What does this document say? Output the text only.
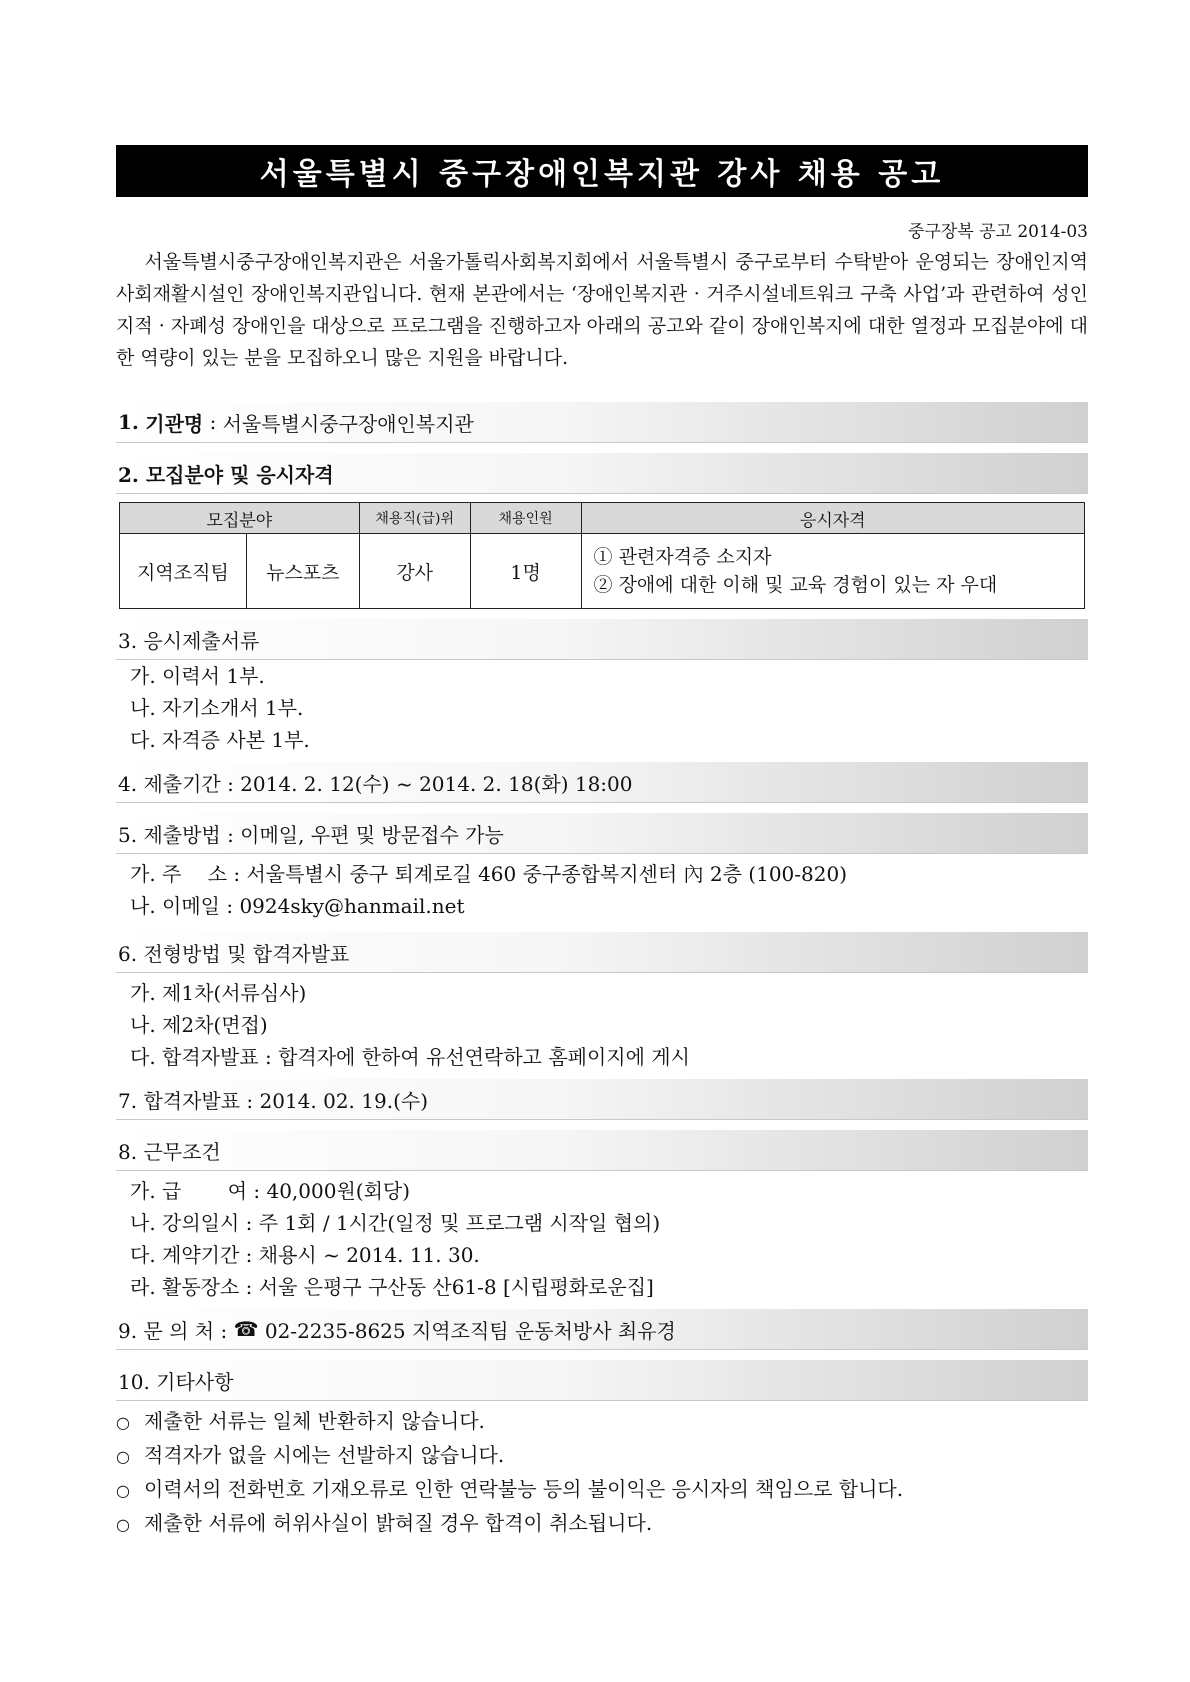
서울특별시 중구장애인복지관 강사 채용 공고
중구장복 공고 2014-03
  서울특별시중구장애인복지관은 서울가톨릭사회복지회에서 서울특별시 중구로부터 수탁받아 운영되는 장애인지역사회재활시설인 장애인복지관입니다. 현재 본관에서는 ‘장애인복지관 · 거주시설네트워크 구축 사업’과 관련하여 성인 지적 · 자폐성 장애인을 대상으로 프로그램을 진행하고자 아래의 공고와 같이 장애인복지에 대한 열정과 모집분야에 대한 역량이 있는 분을 모집하오니 많은 지원을 바랍니다.
1.
기관명 : 서울특별시중구장애인복지관
2. 모집분야 및 응시자격
모집분야		채용직(급)위	채용인원	응시자격
지역조직팀	뉴스포츠	강사	1명	① 관련자격증 소지자
② 장애에 대한 이해 및 교육 경험이 있는 자 우대
3. 응시제출서류
가. 이력서 1부.
나. 자기소개서 1부.
다. 자격증 사본 1부.
4. 제출기간 : 2014. 2. 12(수) ~ 2014. 2. 18(화) 18:00
5. 제출방법 : 이메일, 우편 및 방문접수 가능
가. 주　 소 : 서울특별시 중구 퇴계로길 460 중구종합복지센터 內 2층 (100-820)
나. 이메일 : 0924sky@hanmail.net
6. 전형방법 및 합격자발표
가. 제1차(서류심사)
나. 제2차(면접)
다. 합격자발표 : 합격자에 한하여 유선연락하고 홈페이지에 게시
7. 합격자발표 : 2014. 02. 19.(수)
8. 근무조건
가. 급　　 여 : 40,000원(회당)
나. 강의일시 : 주 1회 / 1시간(일정 및 프로그램 시작일 협의)
다. 계약기간 : 채용시 ~ 2014. 11. 30.
라. 활동장소 : 서울 은평구 구산동 산61-8 [시립평화로운집]
9. 문 의 처 : ☎
02-2235-8625 지역조직팀 운동처방사 최유경
10. 기타사항
○ 제출한 서류는 일체 반환하지 않습니다.
○ 적격자가 없을 시에는 선발하지 않습니다.
○ 이력서의 전화번호 기재오류로 인한 연락불능 등의 불이익은 응시자의 책임으로 합니다.
○ 제출한 서류에 허위사실이 밝혀질 경우 합격이 취소됩니다.
